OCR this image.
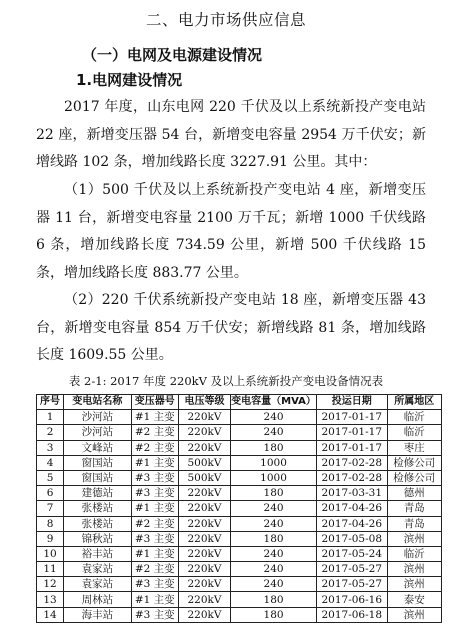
二、电力市场供应信息
（一）电网及电源建设情况
1.电网建设情况

2017 年度，山东电网 220 千伏及以上系统新投产变电站 22 座，新增变压器 54 台，新增变电容量 2954 万千伏安；新增线路 102 条，增加线路长度 3227.91 公里。其中：

（1）500 千伏及以上系统新投产变电站 4 座，新增变压器 11 台，新增变电容量 2100 万千瓦；新增 1000 千伏线路 6 条，增加线路长度 734.59 公里，新增 500 千伏线路 15 条，增加线路长度 883.77 公里。

（2）220 千伏系统新投产变电站 18 座，新增变压器 43 台，新增变电容量 854 万千伏安；新增线路 81 条，增加线路长度 1609.55 公里。

表 2-1: 2017 年度 220kV 及以上系统新投产变电设备情况表
序号	变电站名称	变压器号	电压等级	变电容量（MVA）	投运日期	所属地区
1	沙河站	#1 主变	220kV	240	2017-01-17	临沂
2	沙河站	#2 主变	220kV	240	2017-01-17	临沂
3	文峰站	#2 主变	220kV	180	2017-01-17	枣庄
4	窗国站	#1 主变	500kV	1000	2017-02-28	检修公司
5	窗国站	#3 主变	500kV	1000	2017-02-28	检修公司
6	建德站	#3 主变	220kV	180	2017-03-31	德州
7	张楼站	#1 主变	220kV	240	2017-04-26	青岛
8	张楼站	#2 主变	220kV	240	2017-04-26	青岛
9	锦秋站	#3 主变	220kV	180	2017-05-08	滨州
10	裕丰站	#1 主变	220kV	240	2017-05-24	临沂
11	袁家站	#2 主变	220kV	240	2017-05-27	滨州
12	袁家站	#3 主变	220kV	240	2017-05-27	滨州
13	周林站	#1 主变	220kV	180	2017-06-16	泰安
14	海丰站	#3 主变	220kV	180	2017-06-18	滨州
